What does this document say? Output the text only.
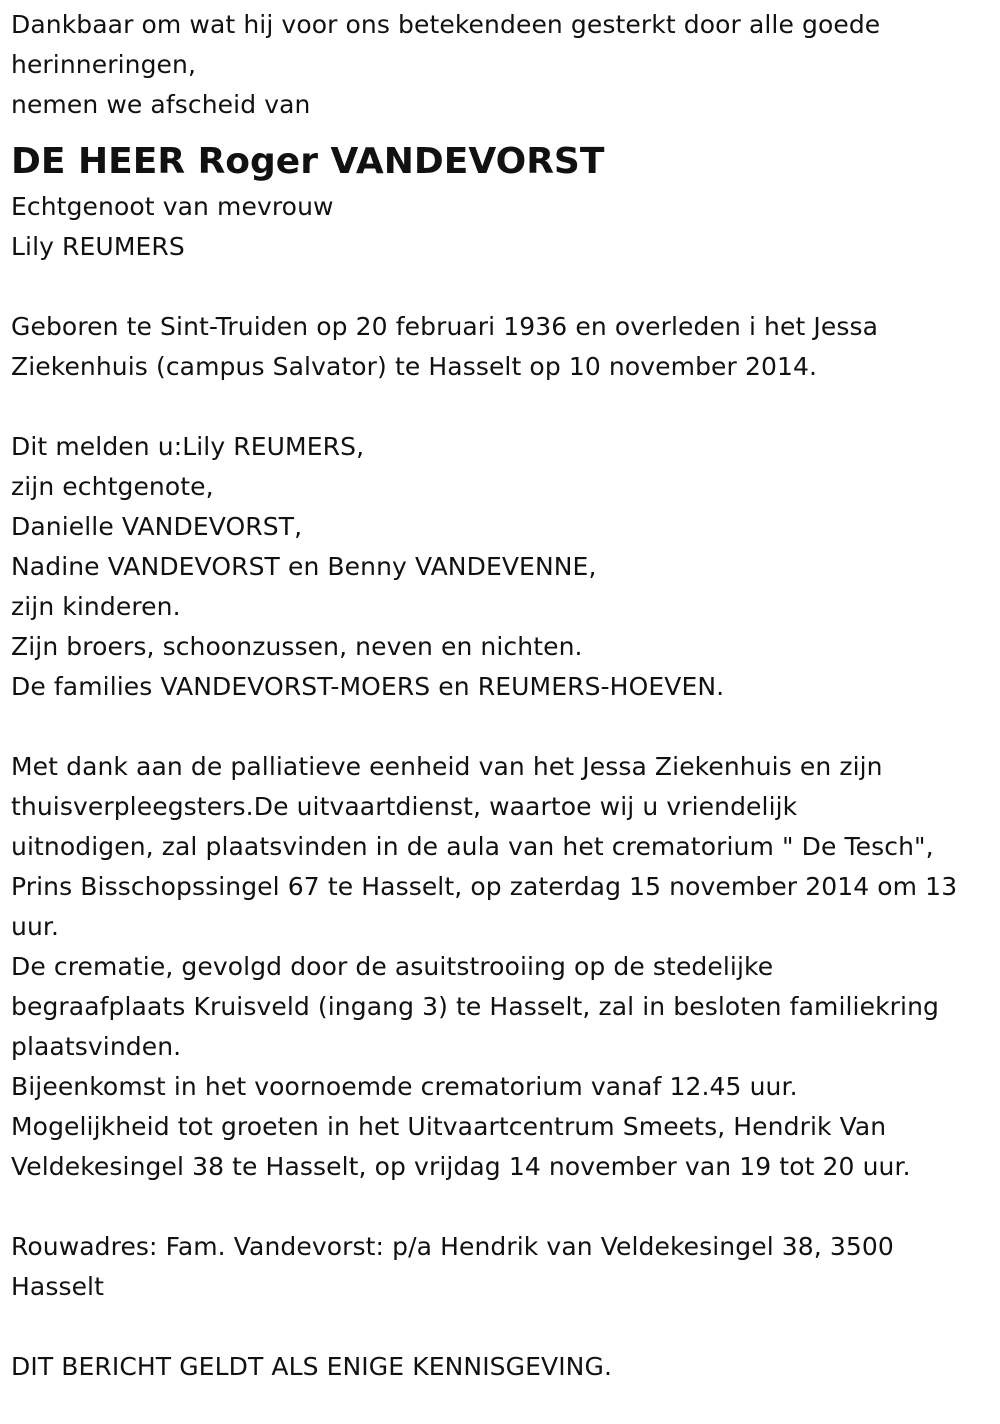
Dankbaar om wat hij voor ons betekendeen gesterkt door alle goede
herinneringen,
nemen we afscheid van
DE HEER Roger VANDEVORST
Echtgenoot van mevrouw
Lily REUMERS
Geboren te Sint-Truiden op 20 februari 1936 en overleden i het Jessa
Ziekenhuis (campus Salvator) te Hasselt op 10 november 2014.
Dit melden u:Lily REUMERS,
zijn echtgenote,
Danielle VANDEVORST,
Nadine VANDEVORST en Benny VANDEVENNE,
zijn kinderen.
Zijn broers, schoonzussen, neven en nichten.
De families VANDEVORST-MOERS en REUMERS-HOEVEN.
Met dank aan de palliatieve eenheid van het Jessa Ziekenhuis en zijn
thuisverpleegsters.De uitvaartdienst, waartoe wij u vriendelijk
uitnodigen, zal plaatsvinden in de aula van het crematorium " De Tesch",
Prins Bisschopssingel 67 te Hasselt, op zaterdag 15 november 2014 om 13
uur.
De crematie, gevolgd door de asuitstrooiing op de stedelijke
begraafplaats Kruisveld (ingang 3) te Hasselt, zal in besloten familiekring
plaatsvinden.
Bijeenkomst in het voornoemde crematorium vanaf 12.45 uur.
Mogelijkheid tot groeten in het Uitvaartcentrum Smeets, Hendrik Van
Veldekesingel 38 te Hasselt, op vrijdag 14 november van 19 tot 20 uur.
Rouwadres: Fam. Vandevorst: p/a Hendrik van Veldekesingel 38, 3500
Hasselt
DIT BERICHT GELDT ALS ENIGE KENNISGEVING.
